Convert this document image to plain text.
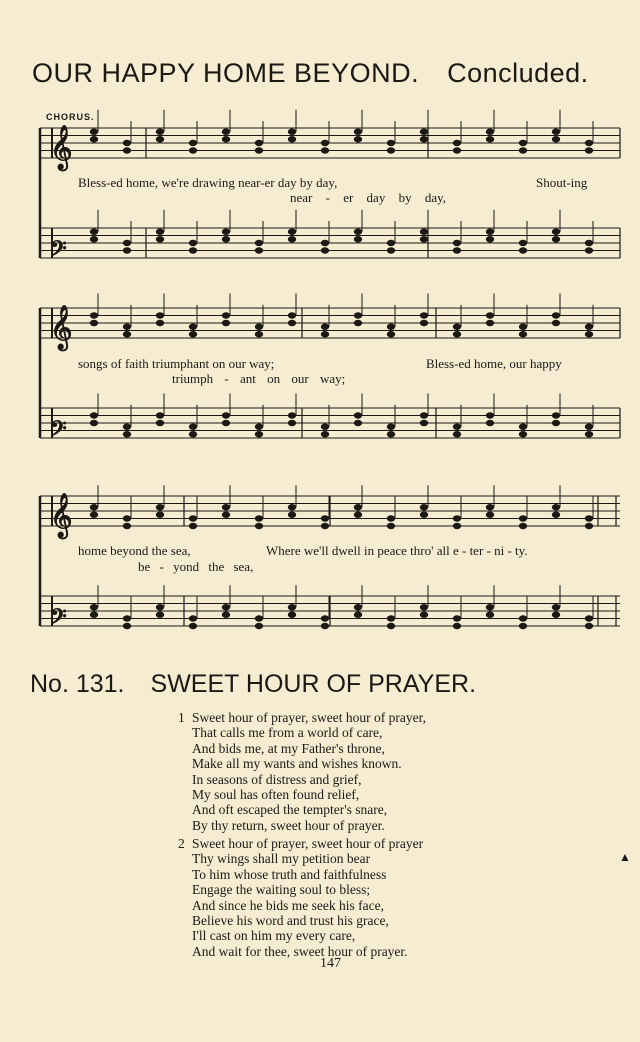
OUR HAPPY HOME BEYOND. Concluded.
CHORUS.
𝄞
𝄢
Bless-ed home, we're drawing near-er day by day,	Shout-ing
near - er day by day,
𝄞
𝄢
songs of faith triumphant on our way;	Bless-ed home, our happy
triumph - ant on our way;
𝄞
𝄢
home beyond the sea,	Where we'll dwell in peace thro' all e - ter - ni - ty.
be - yond the sea,
No. 131. SWEET HOUR OF PRAYER.
1 Sweet hour of prayer, sweet hour of prayer,
That calls me from a world of care,
And bids me, at my Father's throne,
Make all my wants and wishes known.
In seasons of distress and grief,
My soul has often found relief,
And oft escaped the tempter's snare,
By thy return, sweet hour of prayer.
2 Sweet hour of prayer, sweet hour of prayer
Thy wings shall my petition bear
To him whose truth and faithfulness
Engage the waiting soul to bless;
And since he bids me seek his face,
Believe his word and trust his grace,
I'll cast on him my every care,
And wait for thee, sweet hour of prayer.
147
▲
